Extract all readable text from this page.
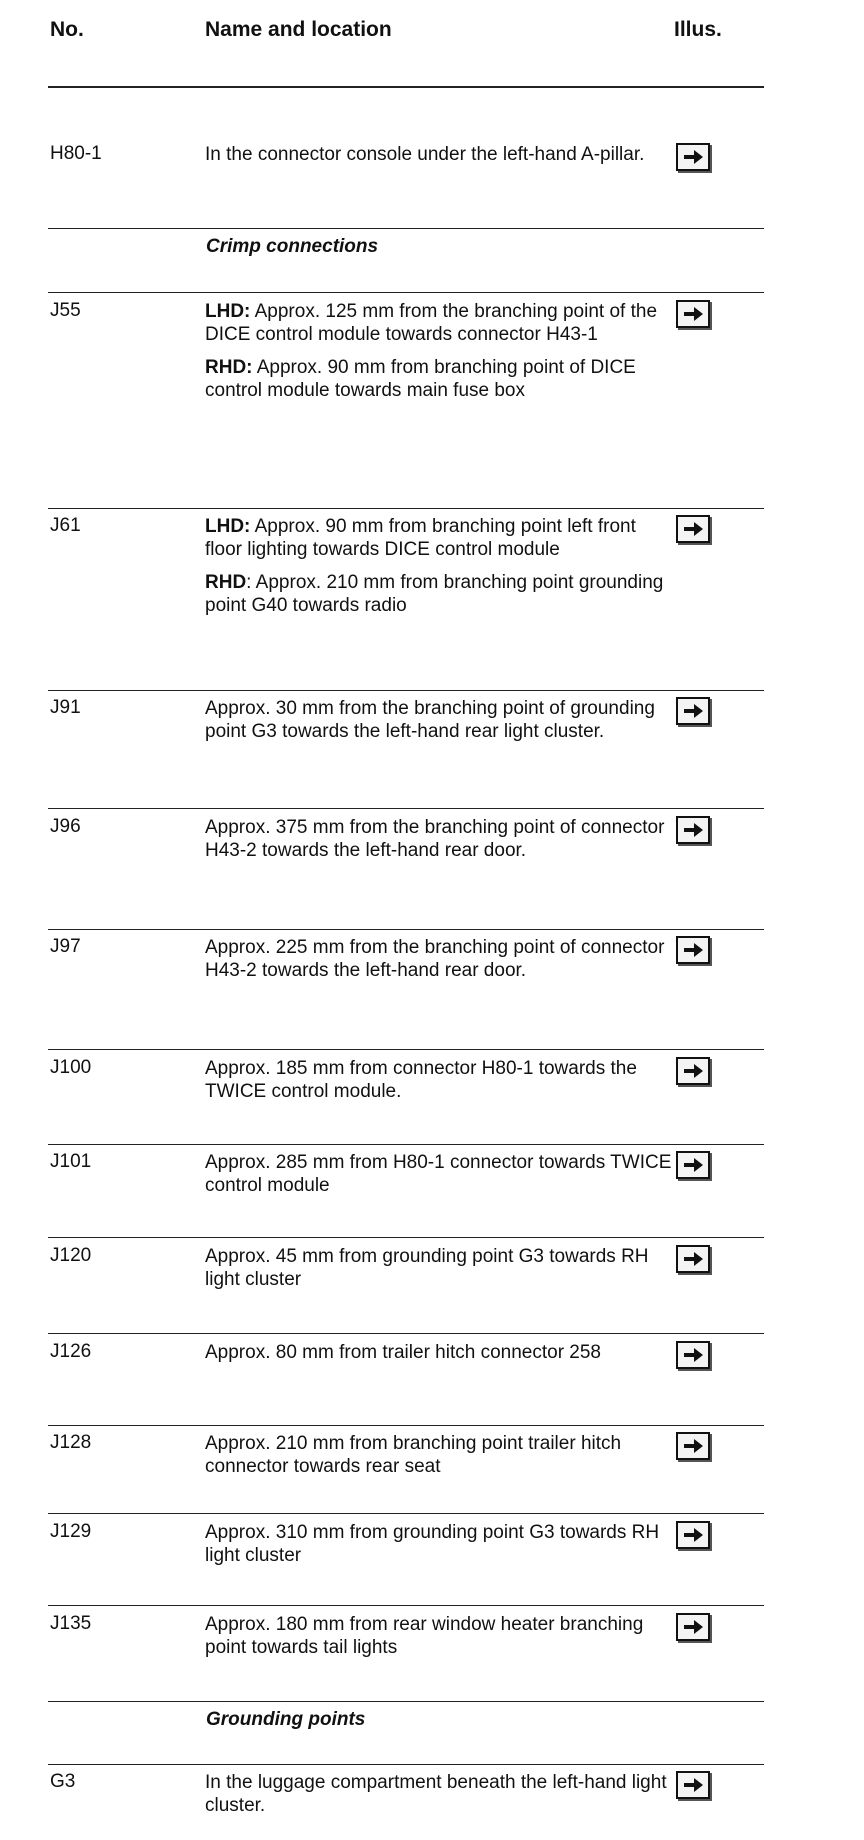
No.	Name and location	Illus.
H80-1	In the connector console under the left-hand A-pillar.

Crimp connections
J55	LHD: Approx. 125 mm from the branching point of the DICE control module towards connector H43-1

RHD: Approx. 90 mm from branching point of DICE control module towards main fuse box

J61	LHD: Approx. 90 mm from branching point left front floor lighting towards DICE control module

RHD: Approx. 210 mm from branching point grounding point G40 towards radio

J91	Approx. 30 mm from the branching point of grounding point G3 towards the left-hand rear light cluster.

J96	Approx. 375 mm from the branching point of connector H43-2 towards the left-hand rear door.

J97	Approx. 225 mm from the branching point of connector H43-2 towards the left-hand rear door.

J100	Approx. 185 mm from connector H80-1 towards the TWICE control module.

J101	Approx. 285 mm from H80-1 connector towards TWICE control module

J120	Approx. 45 mm from grounding point G3 towards RH light cluster

J126	Approx. 80 mm from trailer hitch connector 258

J128	Approx. 210 mm from branching point trailer hitch connector towards rear seat

J129	Approx. 310 mm from grounding point G3 towards RH light cluster

J135	Approx. 180 mm from rear window heater branching point towards tail lights

Grounding points
G3	In the luggage compartment beneath the left-hand light cluster.
